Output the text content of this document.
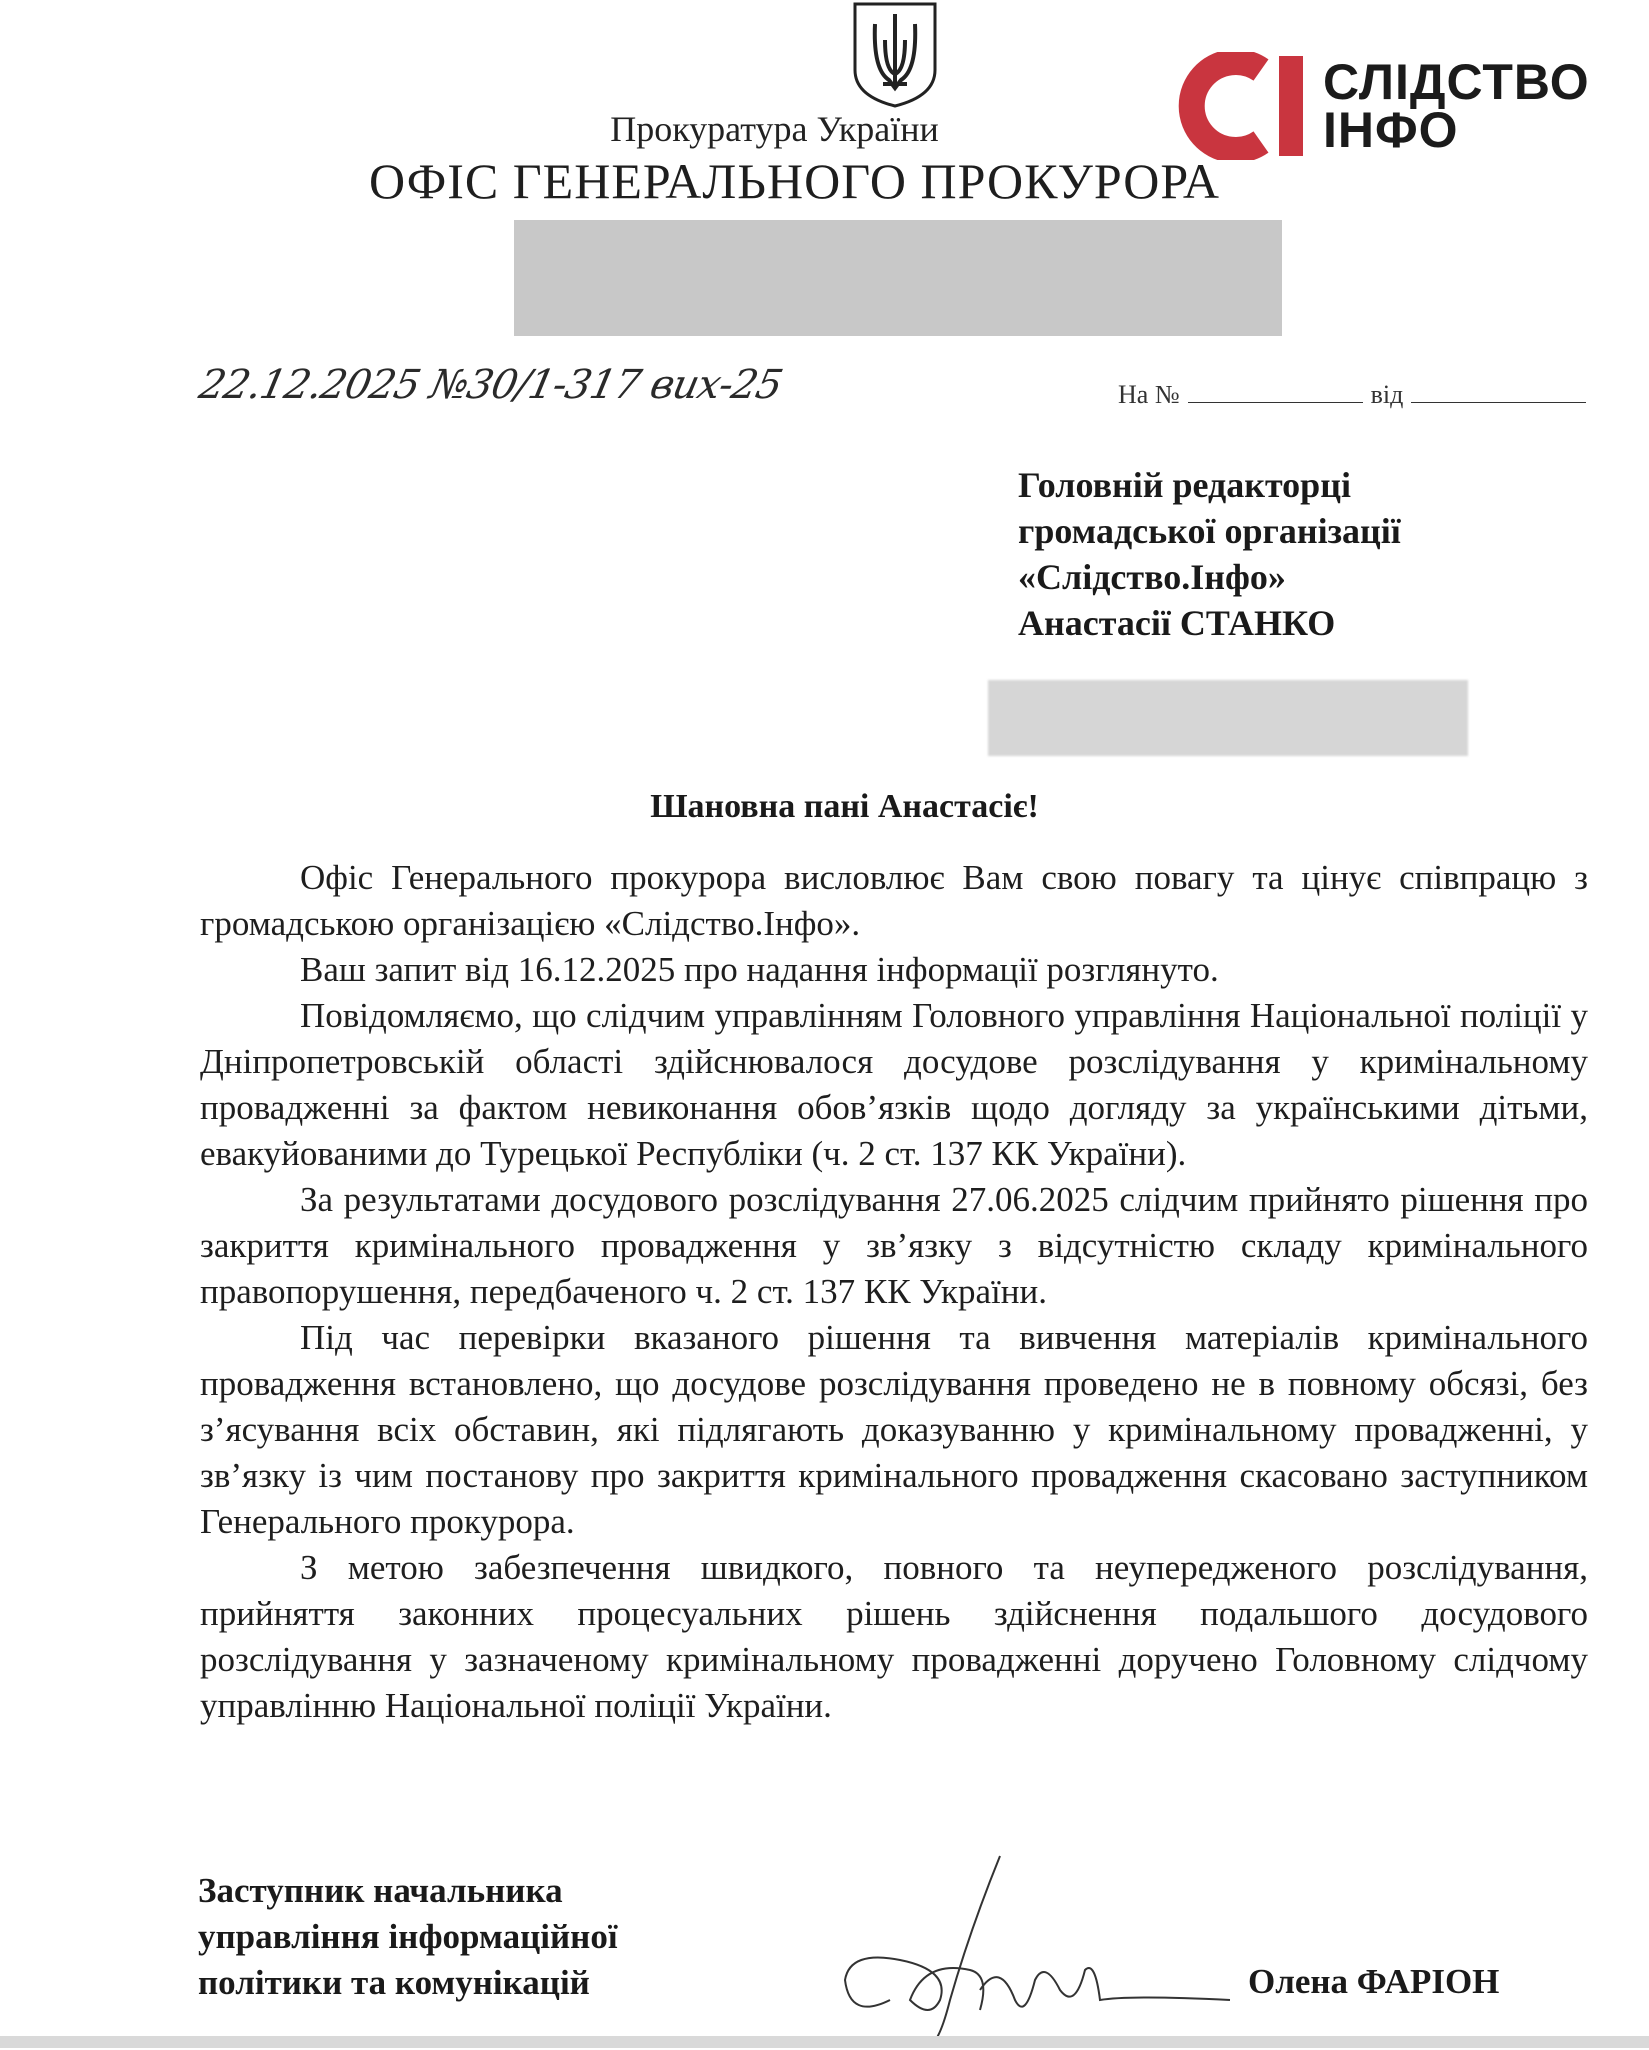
СЛІДСТВО
ІНФО
Прокуратура України
ОФІС ГЕНЕРАЛЬНОГО ПРОКУРОРА
22.12.2025 №30/1-317 вих-25	На №	від
Головній редакторці
громадської організації
«Слідство.Інфо»
Анастасії СТАНКО
Шановна пані Анастасіє!

Офіс Генерального прокурора висловлює Вам свою повагу та цінує співпрацю з громадською організацією «Слідство.Інфо».

Ваш запит від 16.12.2025 про надання інформації розглянуто.

Повідомляємо, що слідчим управлінням Головного управління Національної поліції у Дніпропетровській області здійснювалося досудове розслідування у кримінальному провадженні за фактом невиконання обов’язків щодо догляду за українськими дітьми, евакуйованими до Турецької Республіки (ч. 2 ст. 137 КК України).

За результатами досудового розслідування 27.06.2025 слідчим прийнято рішення про закриття кримінального провадження у зв’язку з відсутністю складу кримінального правопорушення, передбаченого ч. 2 ст. 137 КК України.

Під час перевірки вказаного рішення та вивчення матеріалів кримінального провадження встановлено, що досудове розслідування проведено не в повному обсязі, без з’ясування всіх обставин, які підлягають доказуванню у кримінальному провадженні, у зв’язку із чим постанову про закриття кримінального провадження скасовано заступником Генерального прокурора.

З метою забезпечення швидкого, повного та неупередженого розслідування, прийняття законних процесуальних рішень здійснення подальшого досудового розслідування у зазначеному кримінальному провадженні доручено Головному слідчому управлінню Національної поліції України.

Заступник начальника
управління інформаційної
політики та комунікацій	Олена ФАРІОН
